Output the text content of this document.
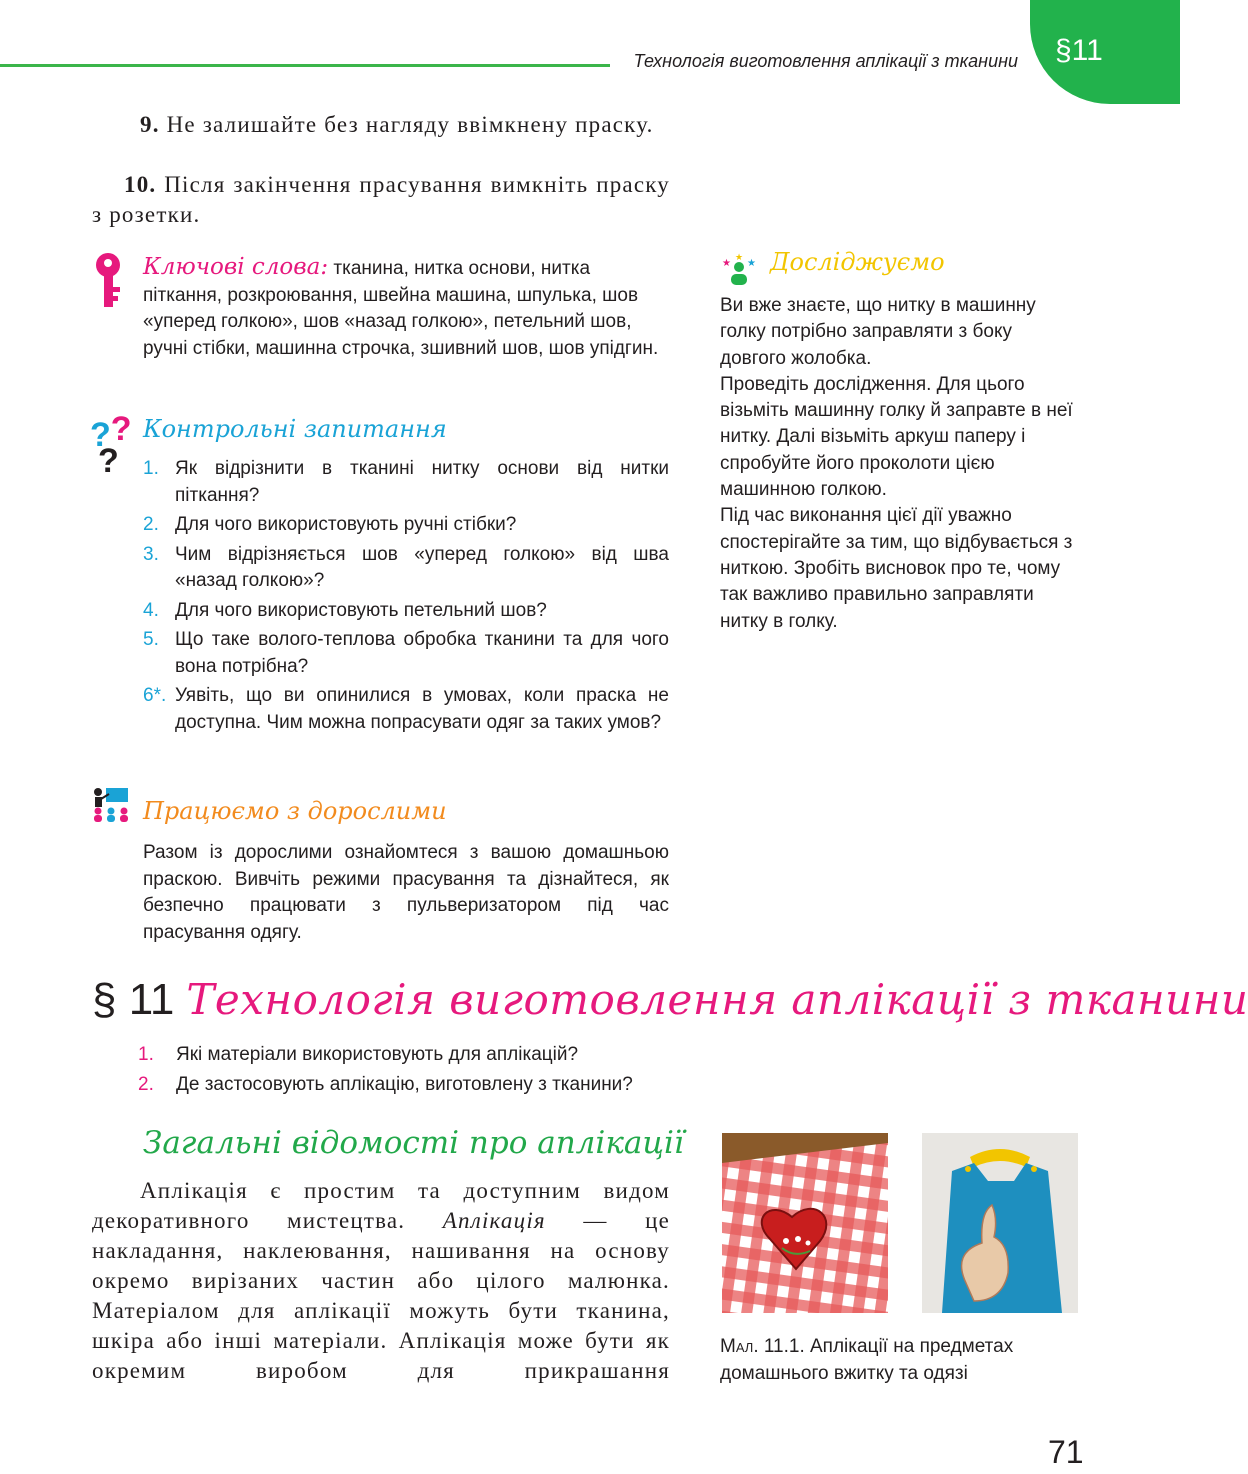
Технологія виготовлення аплікації з тканини §11
9. Не залишайте без нагляду ввімкнену праску.
10. Після закінчення прасування вимкніть праску з розетки.
Ключові слова: тканина, нитка основи, нитка піткання, розкроювання, швейна машина, шпулька, шов «уперед голкою», шов «назад голкою», петельний шов, ручні стібки, машинна строчка, зшивний шов, шов упідгин.
??
?
Контрольні запитання
1. Як відрізнити в тканині нитку основи від нитки піткання?
2. Для чого використовують ручні стібки?
3. Чим відрізняється шов «уперед голкою» від шва «назад голкою»?
4. Для чого використовують петельний шов?
5. Що таке волого-теплова обробка тканини та для чого вона потрібна?
6*. Уявіть, що ви опинилися в умовах, коли праска не доступна. Чим можна попрасувати одяг за таких умов?
Працюємо з дорослими
Разом із дорослими ознайомтеся з вашою домашньою праскою. Вивчіть режими прасування та дізнайтеся, як безпечно працювати з пульверизатором під час прасування одягу.
★
★
★ Досліджуємо

Ви вже знаєте, що нитку в машинну голку потрібно заправляти з боку довгого жолобка.

Проведіть дослідження. Для цього візьміть машинну голку й заправте в неї нитку. Далі візьміть аркуш паперу і спробуйте його проколоти цією машинною голкою.

Під час виконання цієї дії уважно спостерігайте за тим, що відбувається з ниткою. Зробіть висновок про те, чому так важливо правильно заправляти нитку в голку.

§ 11 Технологія виготовлення аплікації з тканини
1. Які матеріали використовують для аплікацій?
2. Де застосовують аплікацію, виготовлену з тканини?
Загальні відомості про аплікації
Аплікація є простим та доступним видом декоративного мистецтва. Аплікація — це накладання, наклеювання, нашивання на основу окремо вирізаних частин або цілого малюнка. Матеріалом для аплікації можуть бути тканина, шкіра або інші матеріали. Аплікація може бути як окремим виробом для прикрашання
Мал. 11.1. Аплікації на предметах домашнього вжитку та одязі
71
